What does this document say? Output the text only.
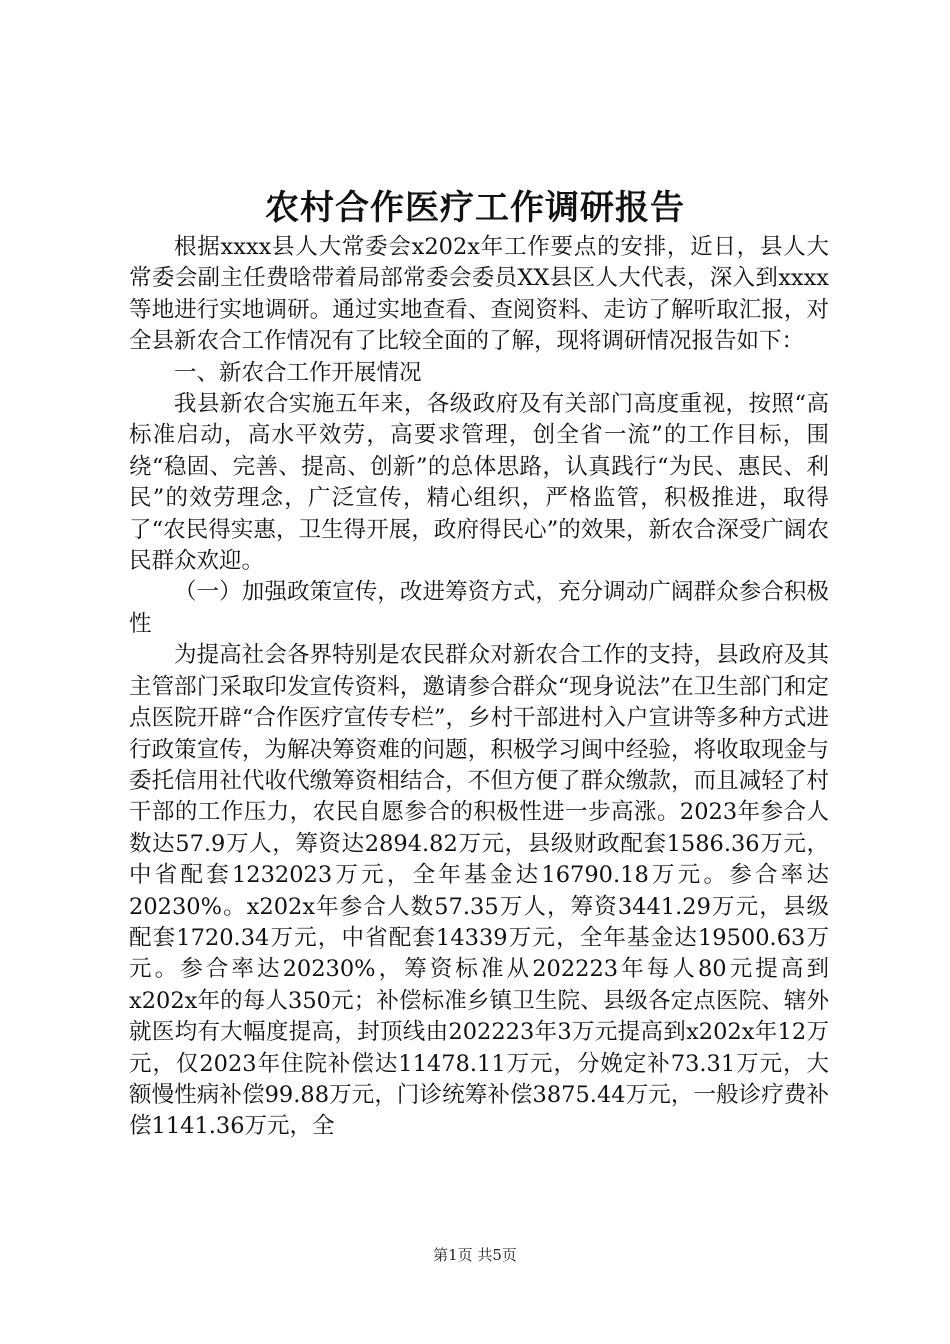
农村合作医疗工作调研报告

根据xxxx县人大常委会x202x年工作要点的安排，近日，县人大常委会副主任费晗带着局部常委会委员XX县区人大代表，深入到xxxx等地进行实地调研。通过实地查看、查阅资料、走访了解听取汇报，对全县新农合工作情况有了比较全面的了解，现将调研情况报告如下：

一、新农合工作开展情况

我县新农合实施五年来，各级政府及有关部门高度重视，按照“高标准启动，高水平效劳，高要求管理，创全省一流”的工作目标，围绕“稳固、完善、提高、创新”的总体思路，认真践行“为民、惠民、利民”的效劳理念，广泛宣传，精心组织，严格监管，积极推进，取得了“农民得实惠，卫生得开展，政府得民心”的效果，新农合深受广阔农民群众欢迎。

（一）加强政策宣传，改进筹资方式，充分调动广阔群众参合积极性

为提高社会各界特别是农民群众对新农合工作的支持，县政府及其主管部门采取印发宣传资料，邀请参合群众“现身说法”在卫生部门和定点医院开辟“合作医疗宣传专栏”，乡村干部进村入户宣讲等多种方式进行政策宣传，为解决筹资难的问题，积极学习闽中经验，将收取现金与委托信用社代收代缴筹资相结合，不但方便了群众缴款，而且减轻了村干部的工作压力，农民自愿参合的积极性进一步高涨。2023年参合人数达57.9万人，筹资达2894.82万元，县级财政配套1586.36万元，中省配套1232023万元，全年基金达16790.18万元。参合率达20230%。x202x年参合人数57.35万人，筹资3441.29万元，县级配套1720.34万元，中省配套14339万元，全年基金达19500.63万元。参合率达20230%，筹资标准从202223年每人80元提高到x202x年的每人350元；补偿标准乡镇卫生院、县级各定点医院、辖外就医均有大幅度提高，封顶线由202223年3万元提高到x202x年12万元，仅2023年住院补偿达11478.11万元，分娩定补73.31万元，大额慢性病补偿99.88万元，门诊统筹补偿3875.44万元，一般诊疗费补偿1141.36万元，全

第1页 共5页
